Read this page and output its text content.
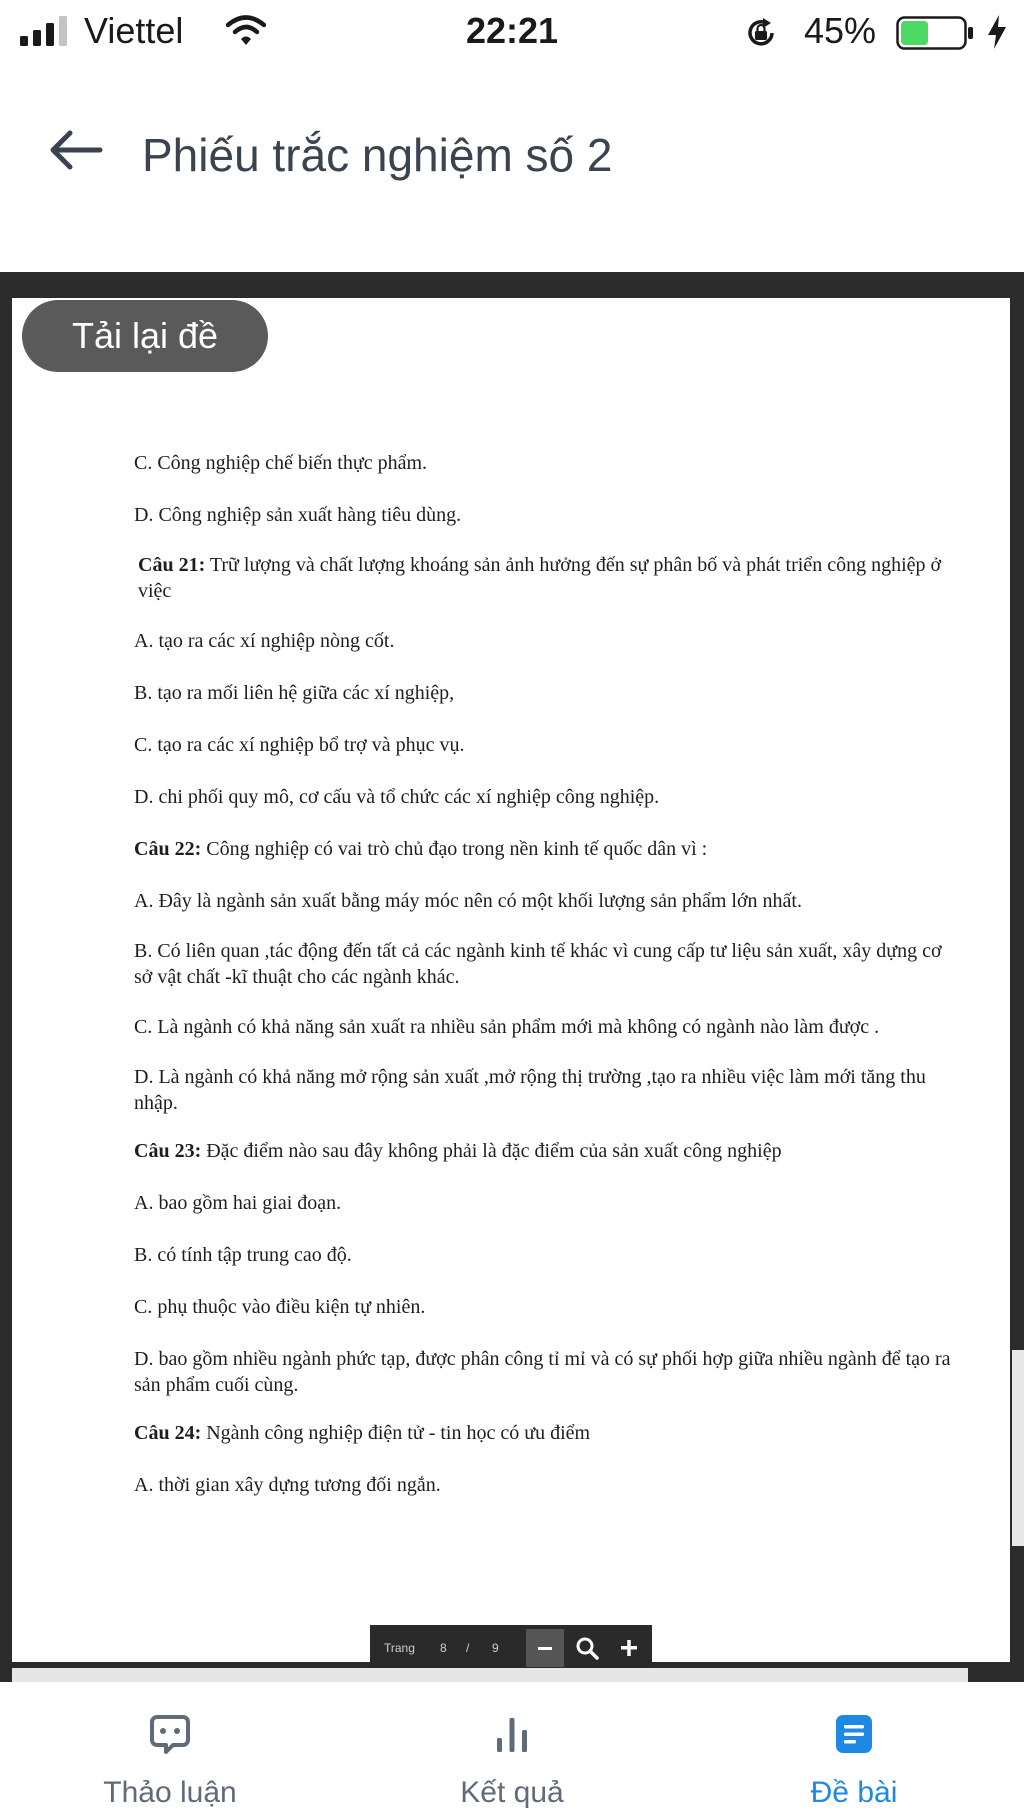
Viettel	22:21	45%
Phiếu trắc nghiệm số 2

C. Công nghiệp chế biến thực phẩm.

D. Công nghiệp sản xuất hàng tiêu dùng.

Câu 21: Trữ lượng và chất lượng khoáng sản ảnh hưởng đến sự phân bố và phát triển công nghiệp ở việc

A. tạo ra các xí nghiệp nòng cốt.

B. tạo ra mối liên hệ giữa các xí nghiệp,

C. tạo ra các xí nghiệp bổ trợ và phục vụ.

D. chi phối quy mô, cơ cấu và tổ chức các xí nghiệp công nghiệp.

Câu 22: Công nghiệp có vai trò chủ đạo trong nền kinh tế quốc dân vì :

A. Đây là ngành sản xuất bằng máy móc nên có một khối lượng sản phẩm lớn nhất.

B. Có liên quan ,tác động đến tất cả các ngành kinh tế khác vì cung cấp tư liệu sản xuất, xây dựng cơ sở vật chất -kĩ thuật cho các ngành khác.

C. Là ngành có khả năng sản xuất ra nhiều sản phẩm mới mà không có ngành nào làm được .

D. Là ngành có khả năng mở rộng sản xuất ,mở rộng thị trường ,tạo ra nhiều việc làm mới tăng thu nhập.

Câu 23: Đặc điểm nào sau đây không phải là đặc điểm của sản xuất công nghiệp

A. bao gồm hai giai đoạn.

B. có tính tập trung cao độ.

C. phụ thuộc vào điều kiện tự nhiên.

D. bao gồm nhiều ngành phức tạp, được phân công tỉ mỉ và có sự phối hợp giữa nhiều ngành để tạo ra sản phẩm cuối cùng.

Câu 24: Ngành công nghiệp điện tử - tin học có ưu điểm

A. thời gian xây dựng tương đối ngắn.

Tải lại đề
Trang 8 / 9
Thảo luận	Kết quả	Đề bài
